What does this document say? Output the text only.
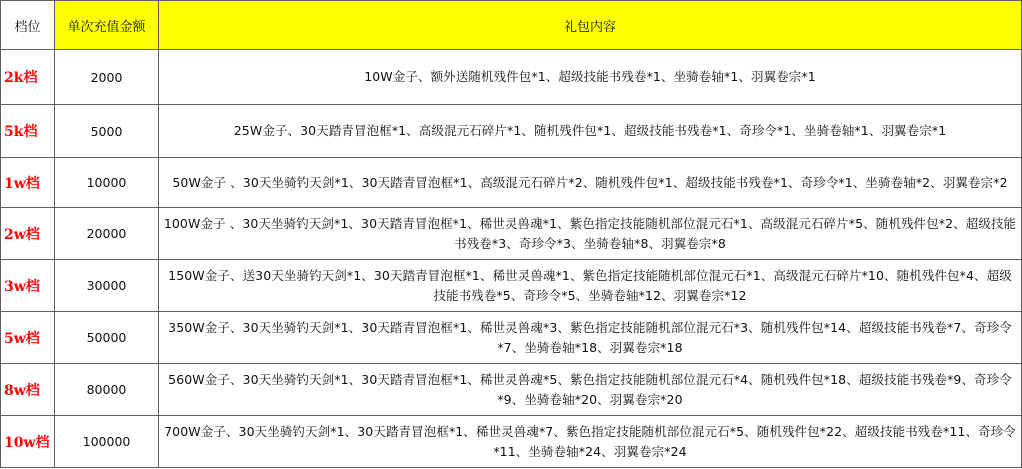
档位	单次充值金额	礼包内容
2k档	2000	10W金子、额外送随机残件包*1、超级技能书残卷*1、坐骑卷轴*1、羽翼卷宗*1
5k档	5000	25W金子、30天踏青冒泡框*1、高级混元石碎片*1、随机残件包*1、超级技能书残卷*1、奇珍令*1、坐骑卷轴*1、羽翼卷宗*1
1w档	10000	50W金子 、30天坐骑钓天剑*1、30天踏青冒泡框*1、高级混元石碎片*2、随机残件包*1、超级技能书残卷*1、奇珍令*1、坐骑卷轴*2、羽翼卷宗*2
2w档	20000	100W金子 、30天坐骑钓天剑*1、30天踏青冒泡框*1、稀世灵兽魂*1、紫色指定技能随机部位混元石*1、高级混元石碎片*5、随机残件包*2、超级技能书残卷*3、奇珍令*3、坐骑卷轴*8、羽翼卷宗*8
3w档	30000	150W金子、送30天坐骑钓天剑*1、30天踏青冒泡框*1、稀世灵兽魂*1、紫色指定技能随机部位混元石*1、高级混元石碎片*10、随机残件包*4、超级技能书残卷*5、奇珍令*5、坐骑卷轴*12、羽翼卷宗*12
5w档	50000	350W金子、30天坐骑钓天剑*1、30天踏青冒泡框*1、稀世灵兽魂*3、紫色指定技能随机部位混元石*3、随机残件包*14、超级技能书残卷*7、奇珍令*7、坐骑卷轴*18、羽翼卷宗*18
8w档	80000	560W金子、30天坐骑钓天剑*1、30天踏青冒泡框*1、稀世灵兽魂*5、紫色指定技能随机部位混元石*4、随机残件包*18、超级技能书残卷*9、奇珍令*9、坐骑卷轴*20、羽翼卷宗*20
10w档	100000	700W金子、30天坐骑钓天剑*1、30天踏青冒泡框*1、稀世灵兽魂*7、紫色指定技能随机部位混元石*5、随机残件包*22、超级技能书残卷*11、奇珍令*11、坐骑卷轴*24、羽翼卷宗*24
